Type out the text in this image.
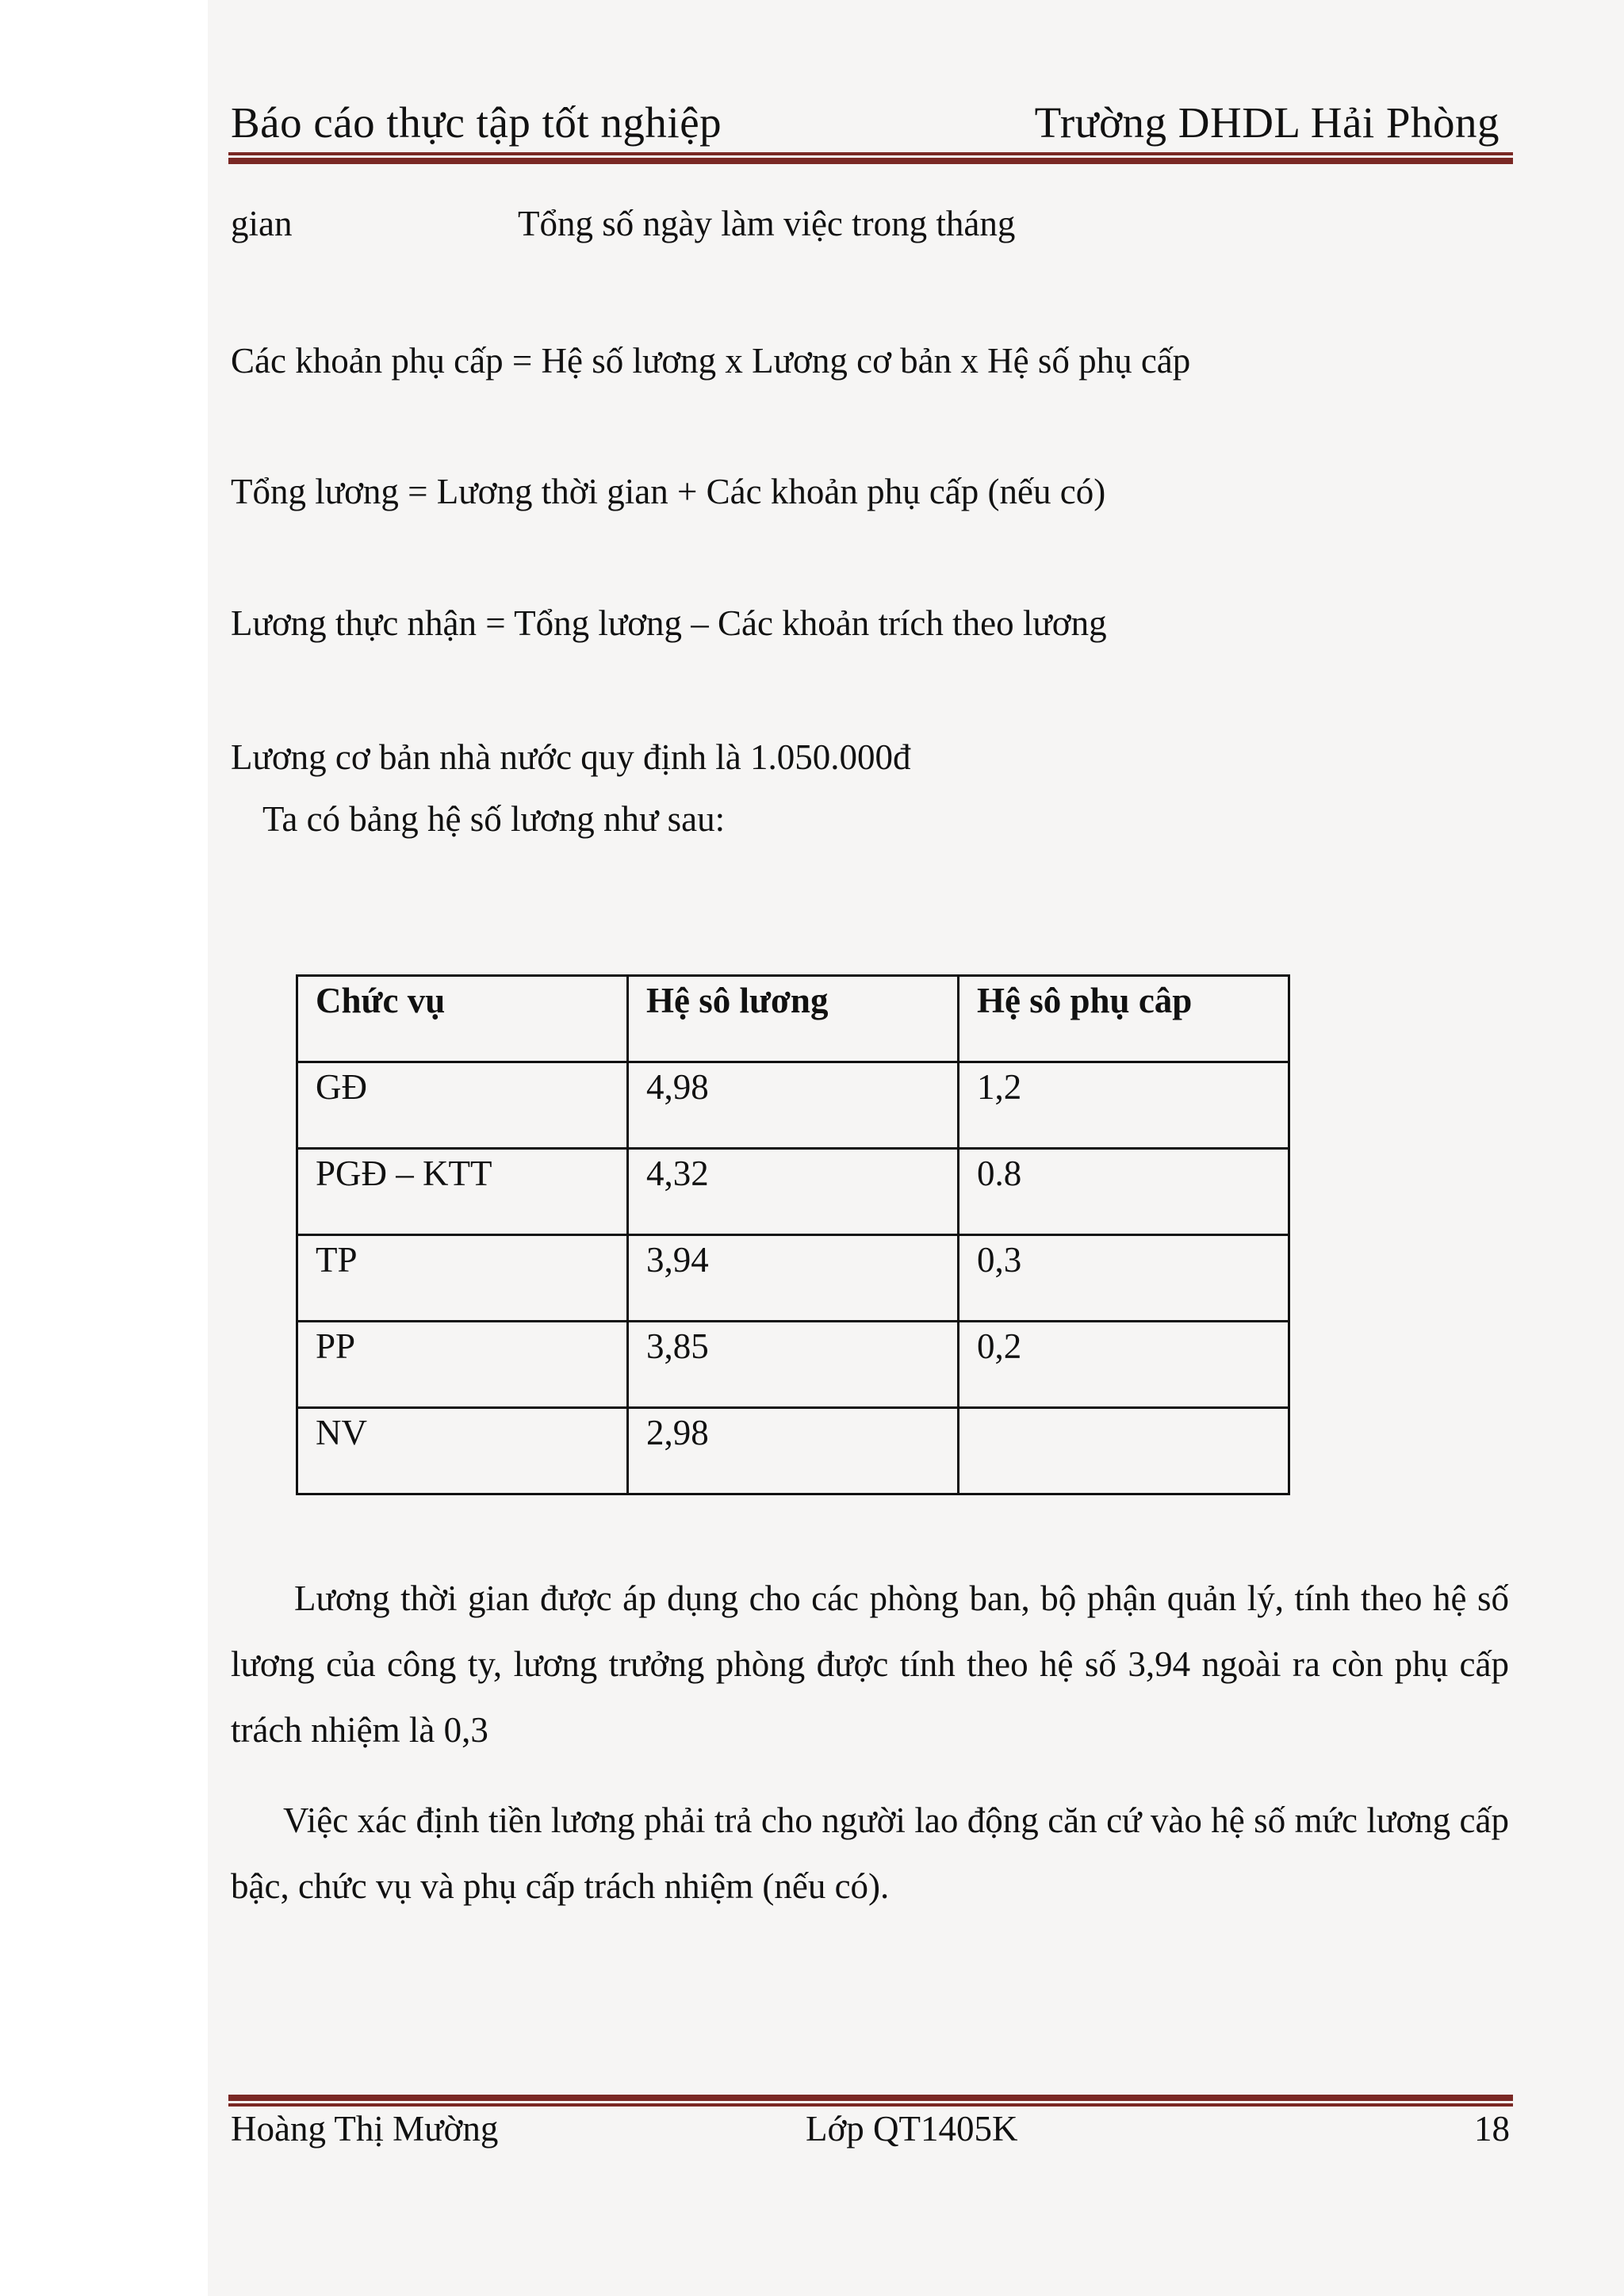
Báo cáo thực tập tốt nghiệp	Trường DHDL Hải Phòng
gian	Tổng số ngày làm việc trong tháng
Các khoản phụ cấp = Hệ số lương x Lương cơ bản x Hệ số phụ cấp
Tổng lương = Lương thời gian + Các khoản phụ cấp (nếu có)
Lương thực nhận = Tổng lương – Các khoản trích theo lương
Lương cơ bản nhà nước quy định là 1.050.000đ
Ta có bảng hệ số lương như sau:
Chức vụ	Hệ sô lương	Hệ sô phụ câp
GĐ	4,98	1,2
PGĐ – KTT	4,32	0.8
TP	3,94	0,3
PP	3,85	0,2
NV	2,98	
Lương thời gian được áp dụng cho các phòng ban, bộ phận quản lý, tính theo hệ số lương của công ty, lương trưởng phòng được tính theo hệ số 3,94 ngoài ra còn phụ cấp trách nhiệm là 0,3
Việc xác định tiền lương phải trả cho người lao động căn cứ vào hệ số mức lương cấp bậc, chức vụ và phụ cấp trách nhiệm (nếu có).
Hoàng Thị Mường	Lớp QT1405K	18
